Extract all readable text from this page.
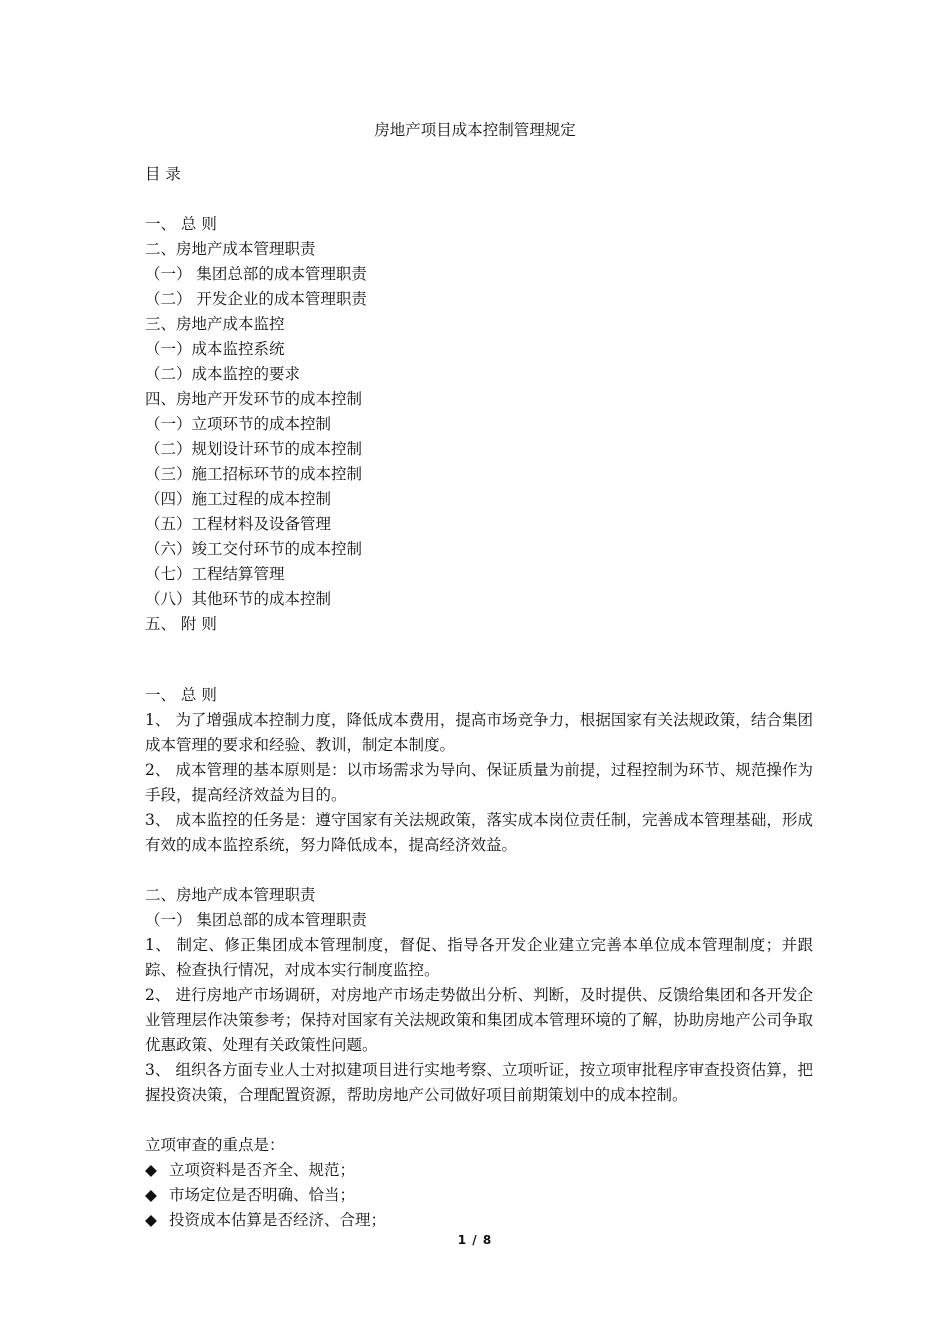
房地产项目成本控制管理规定
目 录
一、 总 则
二、房地产成本管理职责
（一） 集团总部的成本管理职责
（二） 开发企业的成本管理职责
三、房地产成本监控
（一）成本监控系统
（二）成本监控的要求
四、房地产开发环节的成本控制
（一）立项环节的成本控制
（二）规划设计环节的成本控制
（三）施工招标环节的成本控制
（四）施工过程的成本控制
（五）工程材料及设备管理
（六）竣工交付环节的成本控制
（七）工程结算管理
（八）其他环节的成本控制
五、 附 则
一、 总 则
1、 为了增强成本控制力度，降低成本费用，提高市场竞争力，根据国家有关法规政策，结合集团成本管理的要求和经验、教训，制定本制度。
2、 成本管理的基本原则是：以市场需求为导向、保证质量为前提，过程控制为环节、规范操作为手段，提高经济效益为目的。
3、 成本监控的任务是：遵守国家有关法规政策，落实成本岗位责任制，完善成本管理基础，形成有效的成本监控系统，努力降低成本，提高经济效益。
二、房地产成本管理职责
（一） 集团总部的成本管理职责
1、 制定、修正集团成本管理制度，督促、指导各开发企业建立完善本单位成本管理制度；并跟踪、检查执行情况，对成本实行制度监控。
2、 进行房地产市场调研，对房地产市场走势做出分析、判断，及时提供、反馈给集团和各开发企业管理层作决策参考；保持对国家有关法规政策和集团成本管理环境的了解，协助房地产公司争取优惠政策、处理有关政策性问题。
3、 组织各方面专业人士对拟建项目进行实地考察、立项听证，按立项审批程序审查投资估算，把握投资决策，合理配置资源，帮助房地产公司做好项目前期策划中的成本控制。
立项审查的重点是：
◆ 立项资料是否齐全、规范；
◆ 市场定位是否明确、恰当；
◆ 投资成本估算是否经济、合理；
1 / 8
